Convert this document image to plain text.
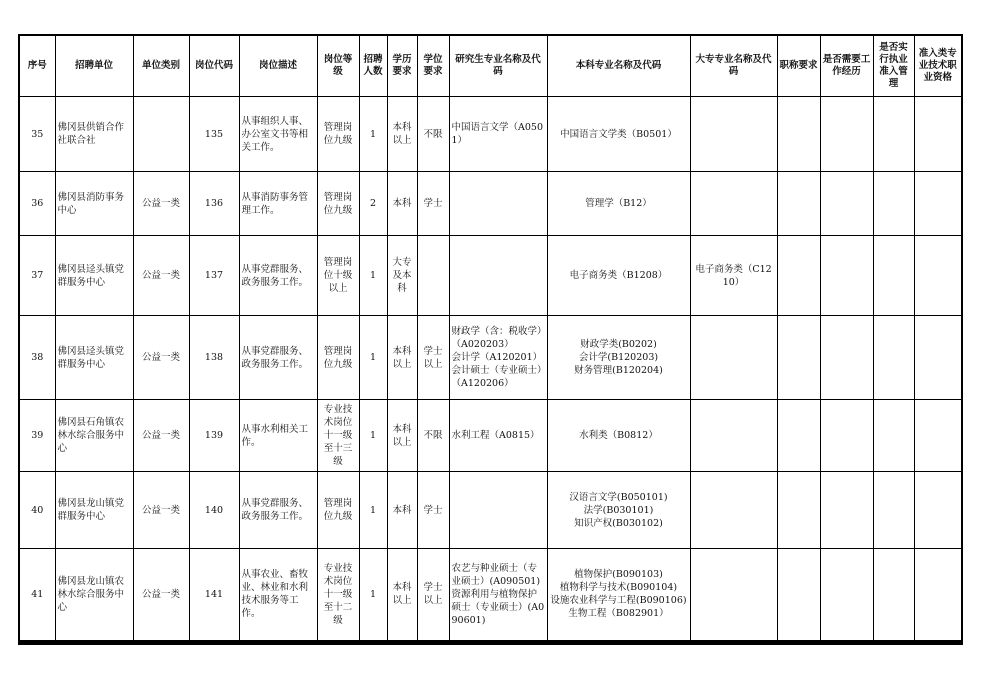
序号	招聘单位	单位类别	岗位代码	岗位描述	岗位等级	招聘人数	学历要求	学位要求	研究生专业名称及代码	本科专业名称及代码	大专专业名称及代码	职称要求	是否需要工作经历	是否实行执业准入管理	准入类专业技术职业资格
35	佛冈县供销合作社联合社		135	从事组织人事、办公室文书等相关工作。	管理岗位九级	1	本科以上	不限	中国语言文学（A0501）	中国语言文学类（B0501）					
36	佛冈县消防事务中心	公益一类	136	从事消防事务管理工作。	管理岗位九级	2	本科	学士		管理学（B12）					
37	佛冈县迳头镇党群服务中心	公益一类	137	从事党群服务、政务服务工作。	管理岗位十级以上	1	大专及本科			电子商务类（B1208）	电子商务类（C1210）				
38	佛冈县迳头镇党群服务中心	公益一类	138	从事党群服务、政务服务工作。	管理岗位九级	1	本科以上	学士以上	财政学（含：税收学）（A020203）
会计学（A120201）
会计硕士（专业硕士）（A120206）	财政学类(B0202)
会计学(B120203)
财务管理(B120204)					
39	佛冈县石角镇农林水综合服务中心	公益一类	139	从事水利相关工作。	专业技术岗位十一级至十三级	1	本科以上	不限	水利工程（A0815）	水利类（B0812）					
40	佛冈县龙山镇党群服务中心	公益一类	140	从事党群服务、政务服务工作。	管理岗位九级	1	本科	学士		汉语言文学(B050101)
法学(B030101)
知识产权(B030102)					
41	佛冈县龙山镇农林水综合服务中心	公益一类	141	从事农业、畜牧业、林业和水利技术服务等工作。	专业技术岗位十一级至十二级	1	本科以上	学士以上	农艺与种业硕士（专业硕士）(A090501)资源利用与植物保护硕士（专业硕士）(A090601)	植物保护(B090103)
植物科学与技术(B090104)
设施农业科学与工程(B090106)
生物工程（B082901）					
